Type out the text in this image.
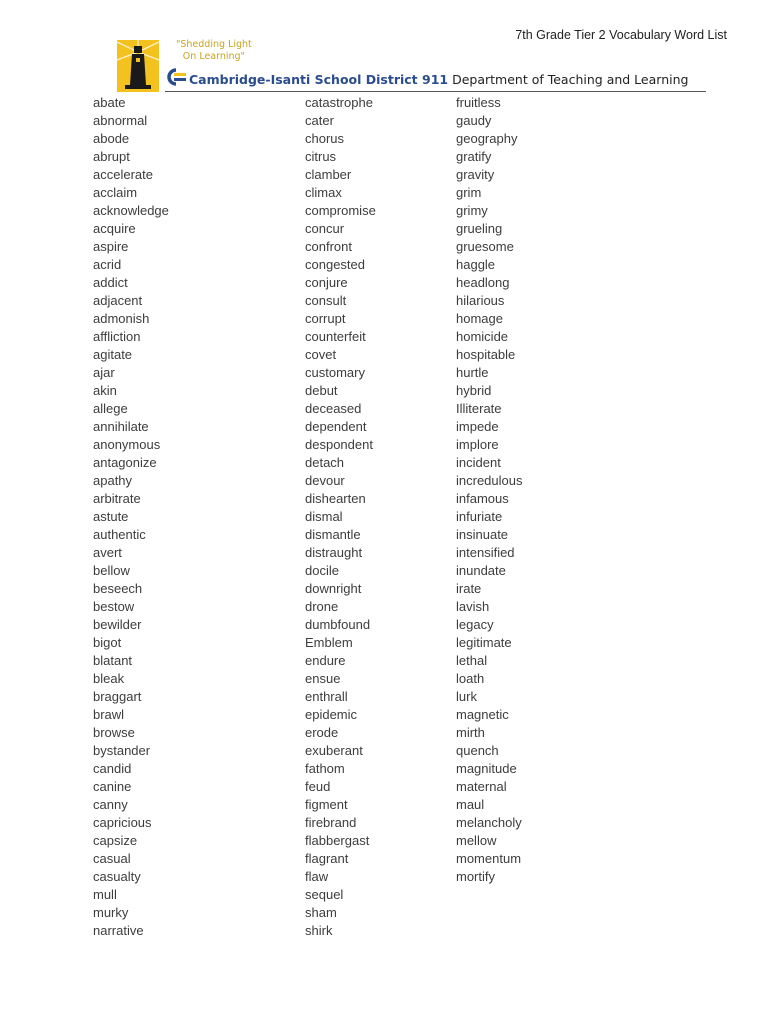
7th Grade Tier 2 Vocabulary Word List
"Shedding Light
On Learning"
Cambridge-Isanti School District 911 Department of Teaching and Learning
abate
abnormal
abode
abrupt
accelerate
acclaim
acknowledge
acquire
aspire
acrid
addict
adjacent
admonish
affliction
agitate
ajar
akin
allege
annihilate
anonymous
antagonize
apathy
arbitrate
astute
authentic
avert
bellow
beseech
bestow
bewilder
bigot
blatant
bleak
braggart
brawl
browse
bystander
candid
canine
canny
capricious
capsize
casual
casualty
mull
murky
narrative
catastrophe
cater
chorus
citrus
clamber
climax
compromise
concur
confront
congested
conjure
consult
corrupt
counterfeit
covet
customary
debut
deceased
dependent
despondent
detach
devour
dishearten
dismal
dismantle
distraught
docile
downright
drone
dumbfound
Emblem
endure
ensue
enthrall
epidemic
erode
exuberant
fathom
feud
figment
firebrand
flabbergast
flagrant
flaw
sequel
sham
shirk
fruitless
gaudy
geography
gratify
gravity
grim
grimy
grueling
gruesome
haggle
headlong
hilarious
homage
homicide
hospitable
hurtle
hybrid
Illiterate
impede
implore
incident
incredulous
infamous
infuriate
insinuate
intensified
inundate
irate
lavish
legacy
legitimate
lethal
loath
lurk
magnetic
mirth
quench
magnitude
maternal
maul
melancholy
mellow
momentum
mortify
